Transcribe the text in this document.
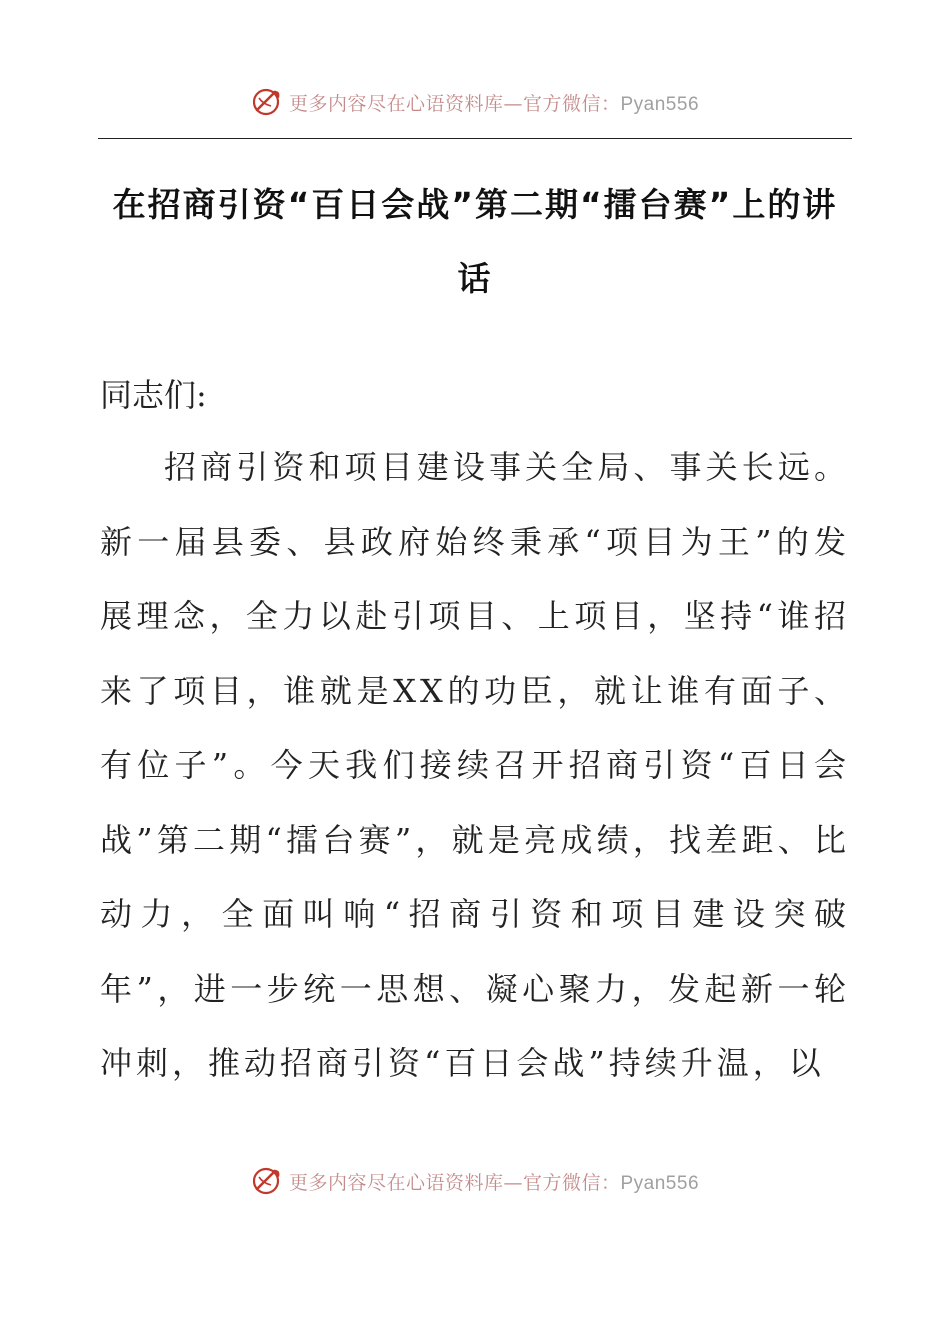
更多内容尽在心语资料库—官方微信：Pyan556
在招商引资“百日会战”第二期“擂台赛”上的讲话
同志们:

招商引资和项目建设事关全局、事关长远。新一届县委、县政府始终秉承“项目为王”的发展理念，全力以赴引项目、上项目，坚持“谁招来了项目，谁就是XX的功臣，就让谁有面子、有位子”。今天我们接续召开招商引资“百日会战”第二期“擂台赛”，就是亮成绩，找差距、比动力，全面叫响“招商引资和项目建设突破年”，进一步统一思想、凝心聚力，发起新一轮冲刺，推动招商引资“百日会战”持续升温，以

更多内容尽在心语资料库—官方微信：Pyan556
